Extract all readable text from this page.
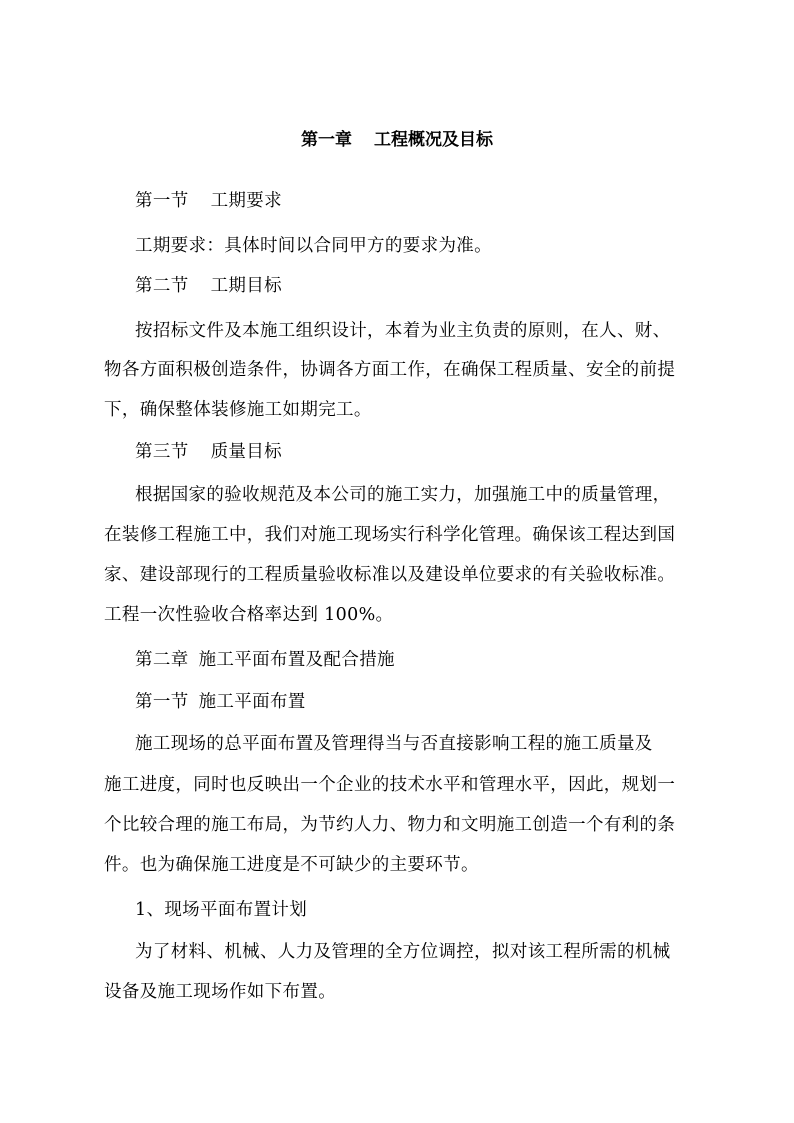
第一章 工程概况及目标
第一节 工期要求
工期要求：具体时间以合同甲方的要求为准。
第二节 工期目标
按招标文件及本施工组织设计，本着为业主负责的原则，在人、财、
物各方面积极创造条件，协调各方面工作，在确保工程质量、安全的前提
下，确保整体装修施工如期完工。
第三节 质量目标
根据国家的验收规范及本公司的施工实力，加强施工中的质量管理，
在装修工程施工中，我们对施工现场实行科学化管理。确保该工程达到国
家、建设部现行的工程质量验收标准以及建设单位要求的有关验收标准。
工程一次性验收合格率达到 100%。
第二章 施工平面布置及配合措施
第一节 施工平面布置
施工现场的总平面布置及管理得当与否直接影响工程的施工质量及
施工进度，同时也反映出一个企业的技术水平和管理水平，因此，规划一
个比较合理的施工布局，为节约人力、物力和文明施工创造一个有利的条
件。也为确保施工进度是不可缺少的主要环节。
1、现场平面布置计划
为了材料、机械、人力及管理的全方位调控，拟对该工程所需的机械
设备及施工现场作如下布置。
